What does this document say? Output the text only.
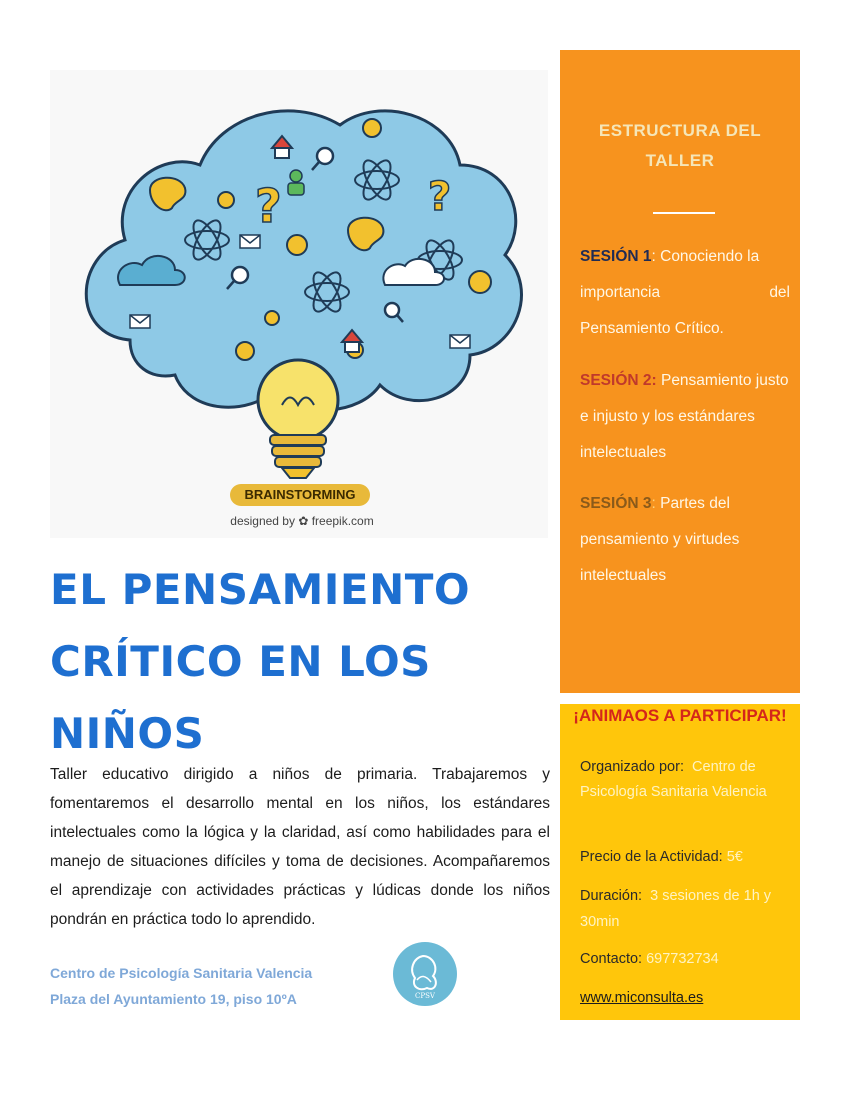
?	?
BRAINSTORMING
designed by ✿ freepik.com
EL PENSAMIENTO CRÍTICO EN LOS NIÑOS

Taller educativo dirigido a niños de primaria. Trabajaremos y fomentaremos el desarrollo mental en los niños, los estándares intelectuales como la lógica y la claridad, así como habilidades para el manejo de situaciones difíciles y toma de decisiones. Acompañaremos el aprendizaje con actividades prácticas y lúdicas donde los niños pondrán en práctica todo lo aprendido.

Centro de Psicología Sanitaria Valencia
Plaza del Ayuntamiento 19, piso 10ºA	CPSV
ESTRUCTURA DEL
TALLER
SESIÓN 1: Conociendo la
importancia	del
Pensamiento Crítico.

SESIÓN 2: Pensamiento justo e injusto y los estándares intelectuales

SESIÓN 3: Partes del pensamiento y virtudes intelectuales

¡ANIMAOS A PARTICIPAR!

Organizado por: Centro de Psicología Sanitaria Valencia

Precio de la Actividad: 5€

Duración: 3 sesiones de 1h y 30min

Contacto: 697732734

www.miconsulta.es
